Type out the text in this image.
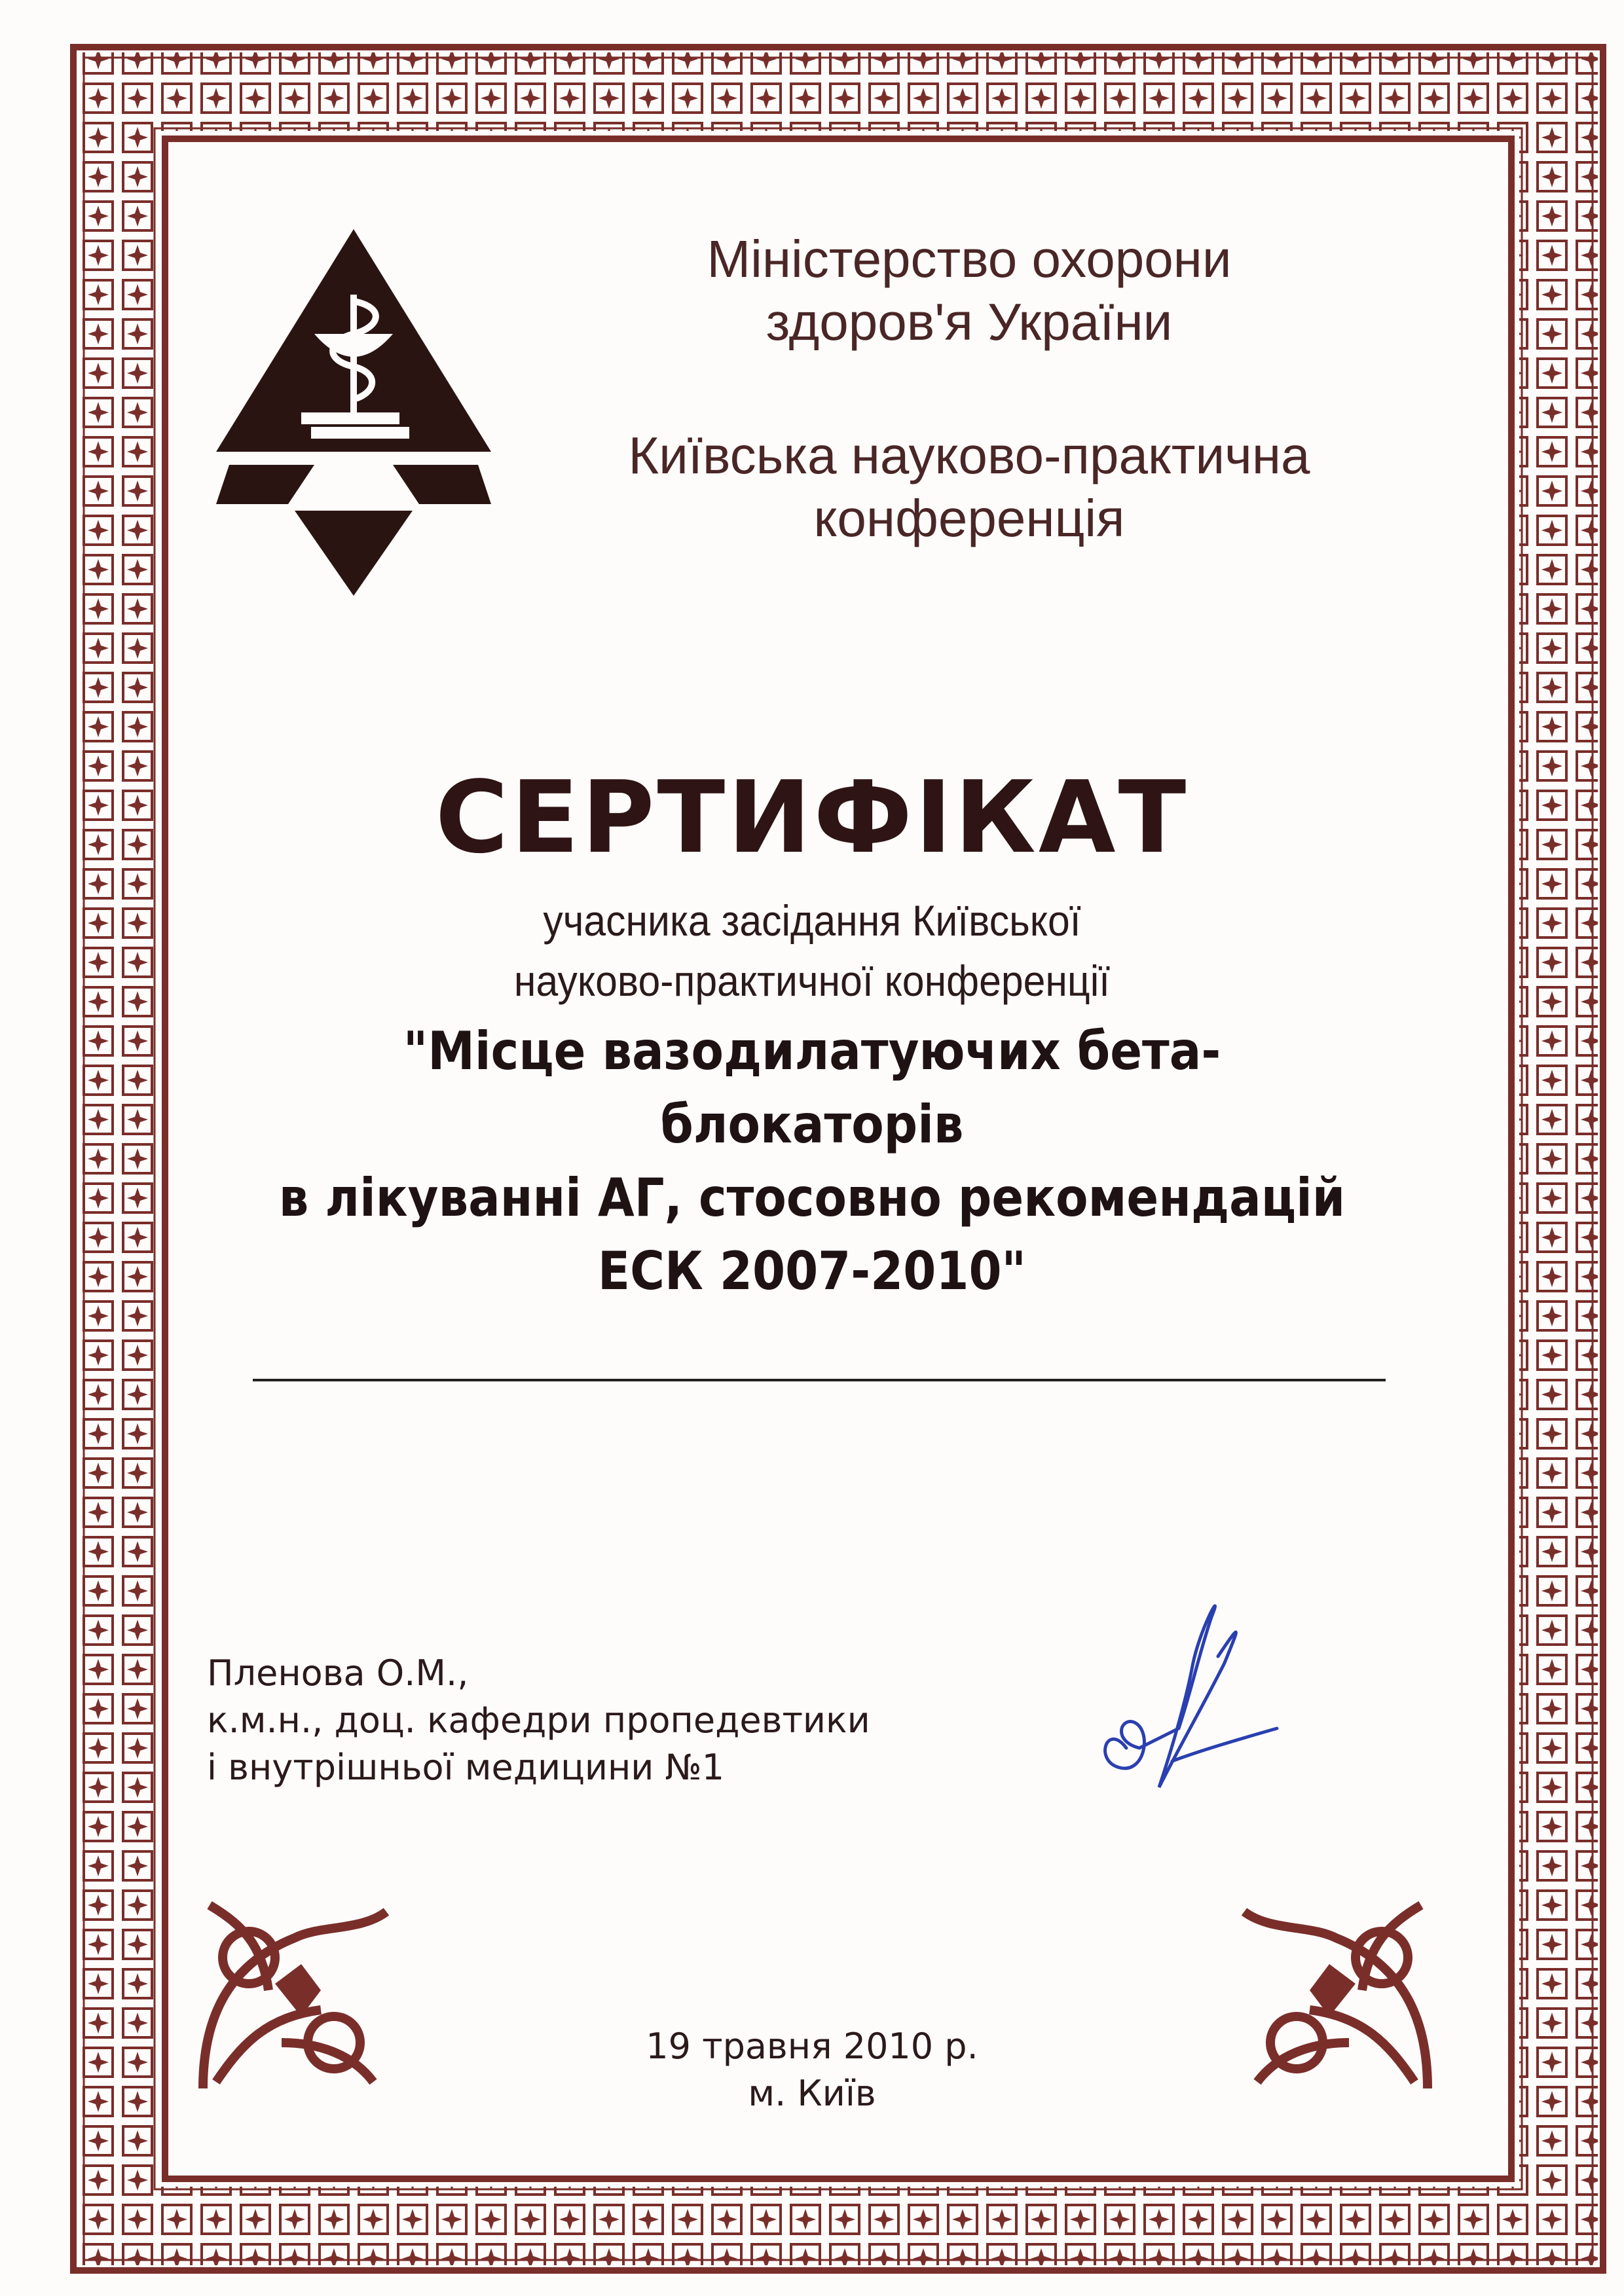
Міністерство охорони
здоров'я України
Київська науково-практична
конференція
СЕРТИФІКАТ
учасника засідання Київської
науково-практичної конференції
"Місце вазодилатуючих бета-блокаторів
в лікуванні АГ, стосовно рекомендацій
ЕСК 2007-2010"
Пленова О.М.,
к.м.н., доц. кафедри пропедевтики
і внутрішньої медицини №1
19 травня 2010 р.
м. Київ
